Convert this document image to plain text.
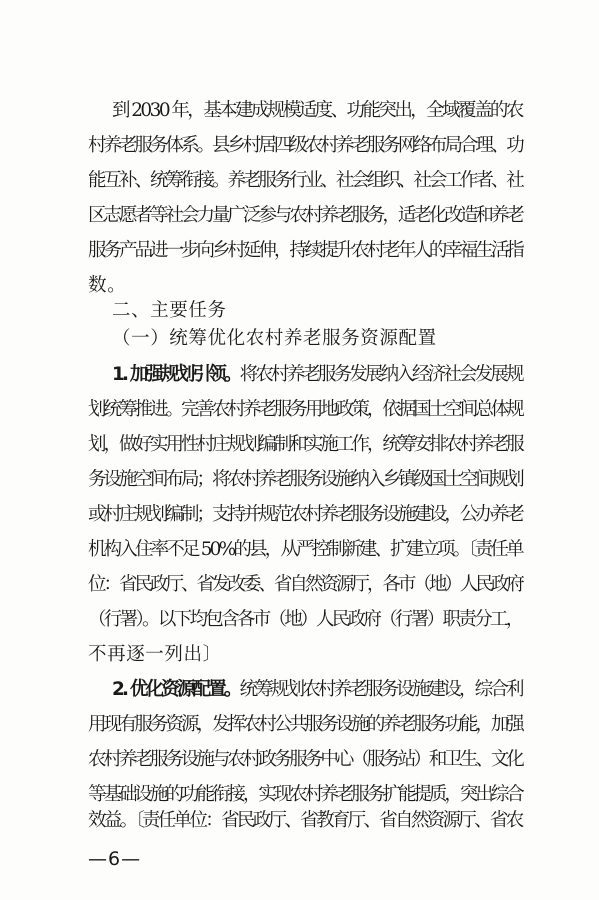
到 2030 年，基本建成规模适度、功能突出，全域覆盖的农
村养老服务体系。县乡村居四级农村养老服务网络布局合理、功
能互补、统筹衔接。养老服务行业、社会组织、社会工作者、社
区志愿者等社会力量广泛参与农村养老服务，适老化改造和养老
服务产品进一步向乡村延伸，持续提升农村老年人的幸福生活指
数。
二、主要任务
（一）统筹优化农村养老服务资源配置
1. 加强规划引领。将农村养老服务发展纳入经济社会发展规
划统筹推进。完善农村养老服务用地政策，依据国土空间总体规
划，做好实用性村庄规划编制和实施工作，统筹安排农村养老服
务设施空间布局；将农村养老服务设施纳入乡镇级国土空间规划
或村庄规划编制；支持并规范农村养老服务设施建设，公办养老
机构入住率不足 50%的县，从严控制新建、扩建立项。〔责任单
位：省民政厅、省发改委、省自然资源厅，各市（地）人民政府
（行署）。以下均包含各市（地）人民政府（行署）职责分工，
不再逐一列出〕
2. 优化资源配置。统筹规划农村养老服务设施建设，综合利
用现有服务资源，发挥农村公共服务设施的养老服务功能，加强
农村养老服务设施与农村政务服务中心（服务站）和卫生、文化
等基础设施的功能衔接，实现农村养老服务扩能提质，突出综合
效益。〔责任单位：省民政厅、省教育厅、省自然资源厅、省农
—6—
